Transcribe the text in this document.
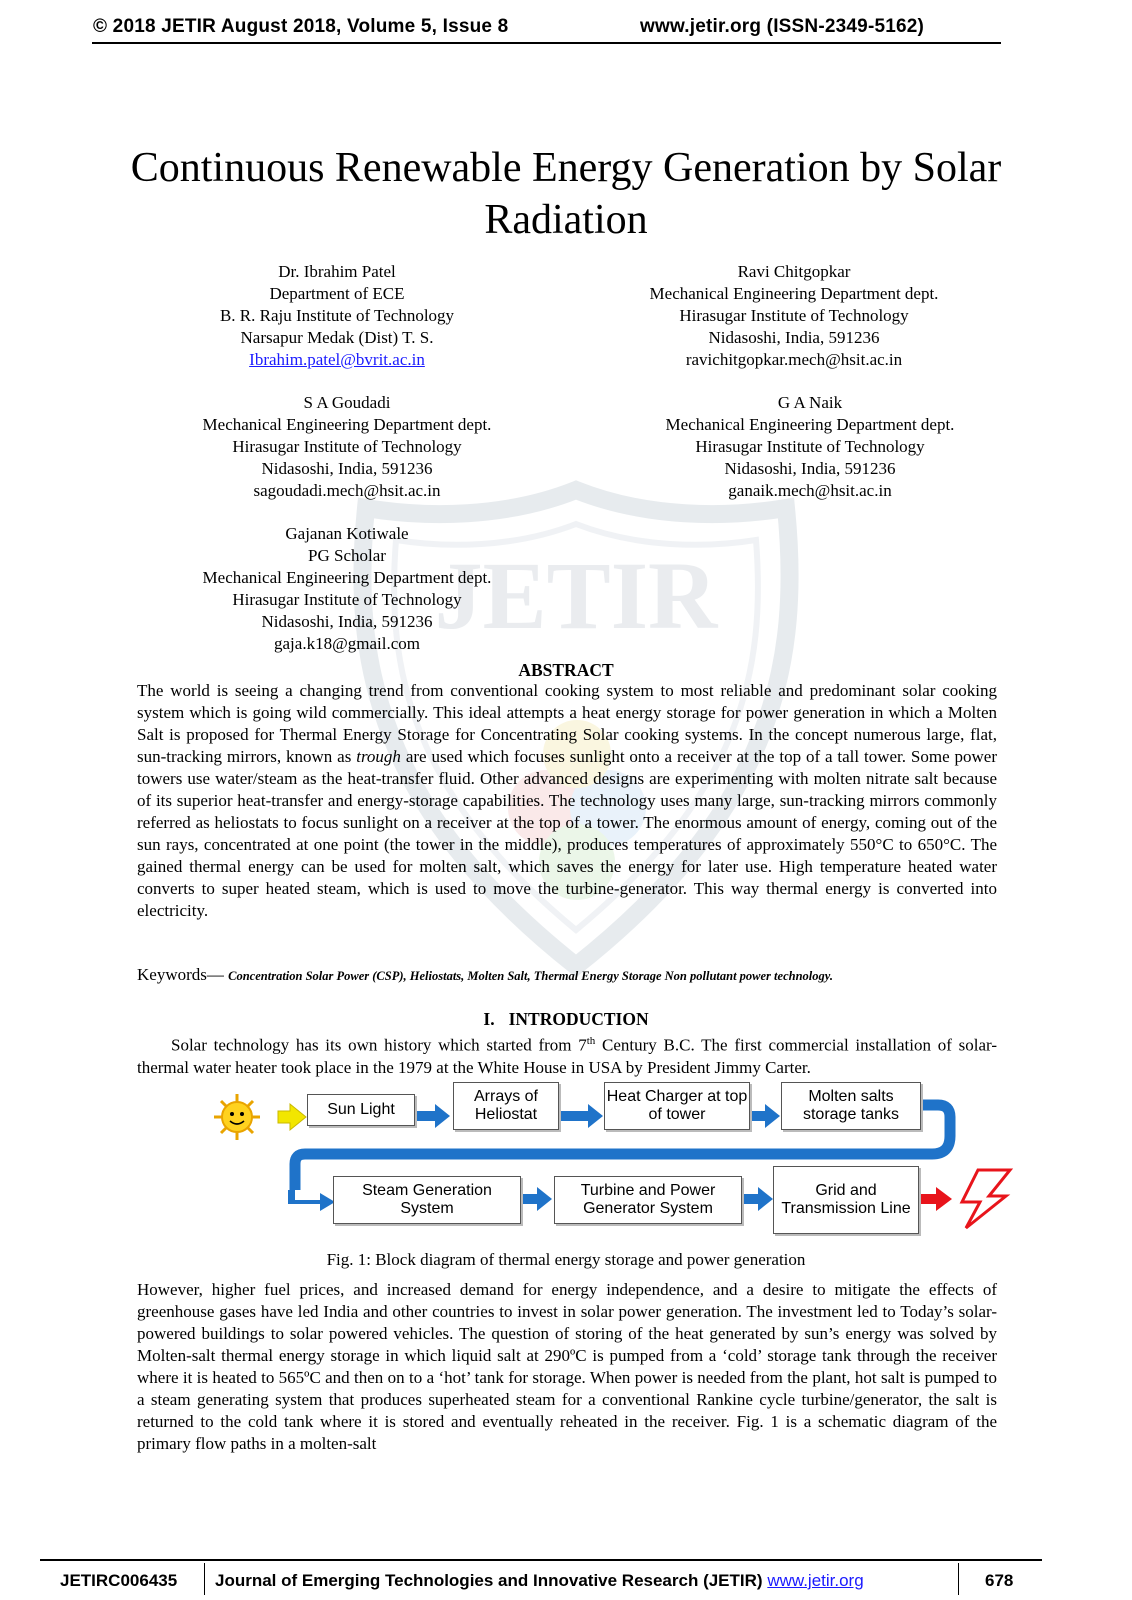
© 2018 JETIR August 2018, Volume 5, Issue 8	www.jetir.org (ISSN-2349-5162)
JETIR
Continuous Renewable Energy Generation by Solar Radiation
Dr. Ibrahim Patel
Department of ECE
B. R. Raju Institute of Technology
Narsapur Medak (Dist) T. S.
Ibrahim.patel@bvrit.ac.in
Ravi Chitgopkar
Mechanical Engineering Department dept.
Hirasugar Institute of Technology
Nidasoshi, India, 591236
ravichitgopkar.mech@hsit.ac.in
S A Goudadi
Mechanical Engineering Department dept.
Hirasugar Institute of Technology
Nidasoshi, India, 591236
sagoudadi.mech@hsit.ac.in
G A Naik
Mechanical Engineering Department dept.
Hirasugar Institute of Technology
Nidasoshi, India, 591236
ganaik.mech@hsit.ac.in
Gajanan Kotiwale
PG Scholar
Mechanical Engineering Department dept.
Hirasugar Institute of Technology
Nidasoshi, India, 591236
gaja.k18@gmail.com
ABSTRACT
The world is seeing a changing trend from conventional cooking system to most reliable and predominant solar cooking system which is going wild commercially. This ideal attempts a heat energy storage for power generation in which a Molten Salt is proposed for Thermal Energy Storage for Concentrating Solar cooking systems. In the concept numerous large, flat, sun-tracking mirrors, known as trough are used which focuses sunlight onto a receiver at the top of a tall tower. Some power towers use water/steam as the heat-transfer fluid. Other advanced designs are experimenting with molten nitrate salt because of its superior heat-transfer and energy-storage capabilities. The technology uses many large, sun-tracking mirrors commonly referred as heliostats to focus sunlight on a receiver at the top of a tower. The enormous amount of energy, coming out of the sun rays, concentrated at one point (the tower in the middle), produces temperatures of approximately 550°C to 650°C. The gained thermal energy can be used for molten salt, which saves the energy for later use. High temperature heated water converts to super heated steam, which is used to move the turbine-generator. This way thermal energy is converted into electricity.
Keywords— Concentration Solar Power (CSP), Heliostats, Molten Salt, Thermal Energy Storage Non pollutant power technology.
I. INTRODUCTION
Solar technology has its own history which started from 7th Century B.C. The first commercial installation of solar-thermal water heater took place in the 1979 at the White House in USA by President Jimmy Carter.
Sun Light
Arrays of Heliostat
Heat Charger at top of tower
Molten salts storage tanks
Steam Generation System
Turbine and Power Generator System
Grid and Transmission Line
Fig. 1: Block diagram of thermal energy storage and power generation
However, higher fuel prices, and increased demand for energy independence, and a desire to mitigate the effects of greenhouse gases have led India and other countries to invest in solar power generation. The investment led to Today’s solar-powered buildings to solar powered vehicles. The question of storing of the heat generated by sun’s energy was solved by Molten-salt thermal energy storage in which liquid salt at 290ºC is pumped from a ‘cold’ storage tank through the receiver where it is heated to 565ºC and then on to a ‘hot’ tank for storage. When power is needed from the plant, hot salt is pumped to a steam generating system that produces superheated steam for a conventional Rankine cycle turbine/generator, the salt is returned to the cold tank where it is stored and eventually reheated in the receiver. Fig. 1 is a schematic diagram of the primary flow paths in a molten-salt
JETIRC006435 Journal of Emerging Technologies and Innovative Research (JETIR) www.jetir.org	678
